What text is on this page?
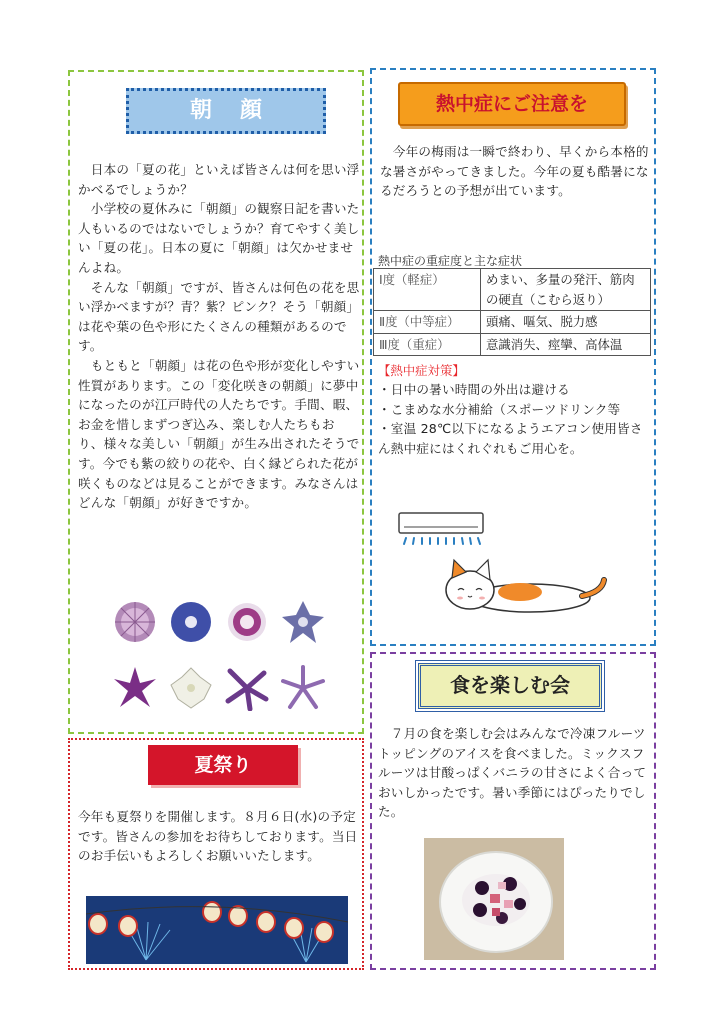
朝顔

　日本の「夏の花」といえば皆さんは何を思い浮かべるでしょうか？

　小学校の夏休みに「朝顔」の観察日記を書いた人もいるのではないでしょうか？育てやすく美しい「夏の花」。日本の夏に「朝顔」は欠かせませんよね。

　そんな「朝顔」ですが、皆さんは何色の花を思い浮かべますが？青？紫？ピンク？そう「朝顔」は花や葉の色や形にたくさんの種類があるのです。

　もともと「朝顔」は花の色や形が変化しやすい性質があります。この「変化咲きの朝顔」に夢中になったのが江戸時代の人たちです。手間、暇、お金を惜しまずつぎ込み、楽しむ人たちもおり、様々な美しい「朝顔」が生み出されたそうです。今でも紫の絞りの花や、白く縁どられた花が咲くものなどは見ることができます。みなさんはどんな「朝顔」が好きですか。

熱中症にご注意を
　今年の梅雨は一瞬で終わり、早くから本格的な暑さがやってきました。今年の夏も酷暑になるだろうとの予想が出ています。
熱中症の重症度と主な症状
Ⅰ度（軽症）	めまい、多量の発汗、筋肉の硬直（こむら返り）
Ⅱ度（中等症）	頭痛、嘔気、脱力感
Ⅲ度（重症）	意識消失、痙攣、高体温
【熱中症対策】

・日中の暑い時間の外出は避ける

・こまめな水分補給（スポーツドリンク等

・室温 28℃以下になるようエアコン使用皆さん熱中症にはくれぐれもご用心を。

夏祭り
今年も夏祭りを開催します。８月６日(水)の予定です。皆さんの参加をお待ちしております。当日のお手伝いもよろしくお願いいたします。
食を楽しむ会
　７月の食を楽しむ会はみんなで冷凍フルーツトッピングのアイスを食べました。ミックスフルーツは甘酸っぱくバニラの甘さによく合っておいしかったです。暑い季節にはぴったりでした。
